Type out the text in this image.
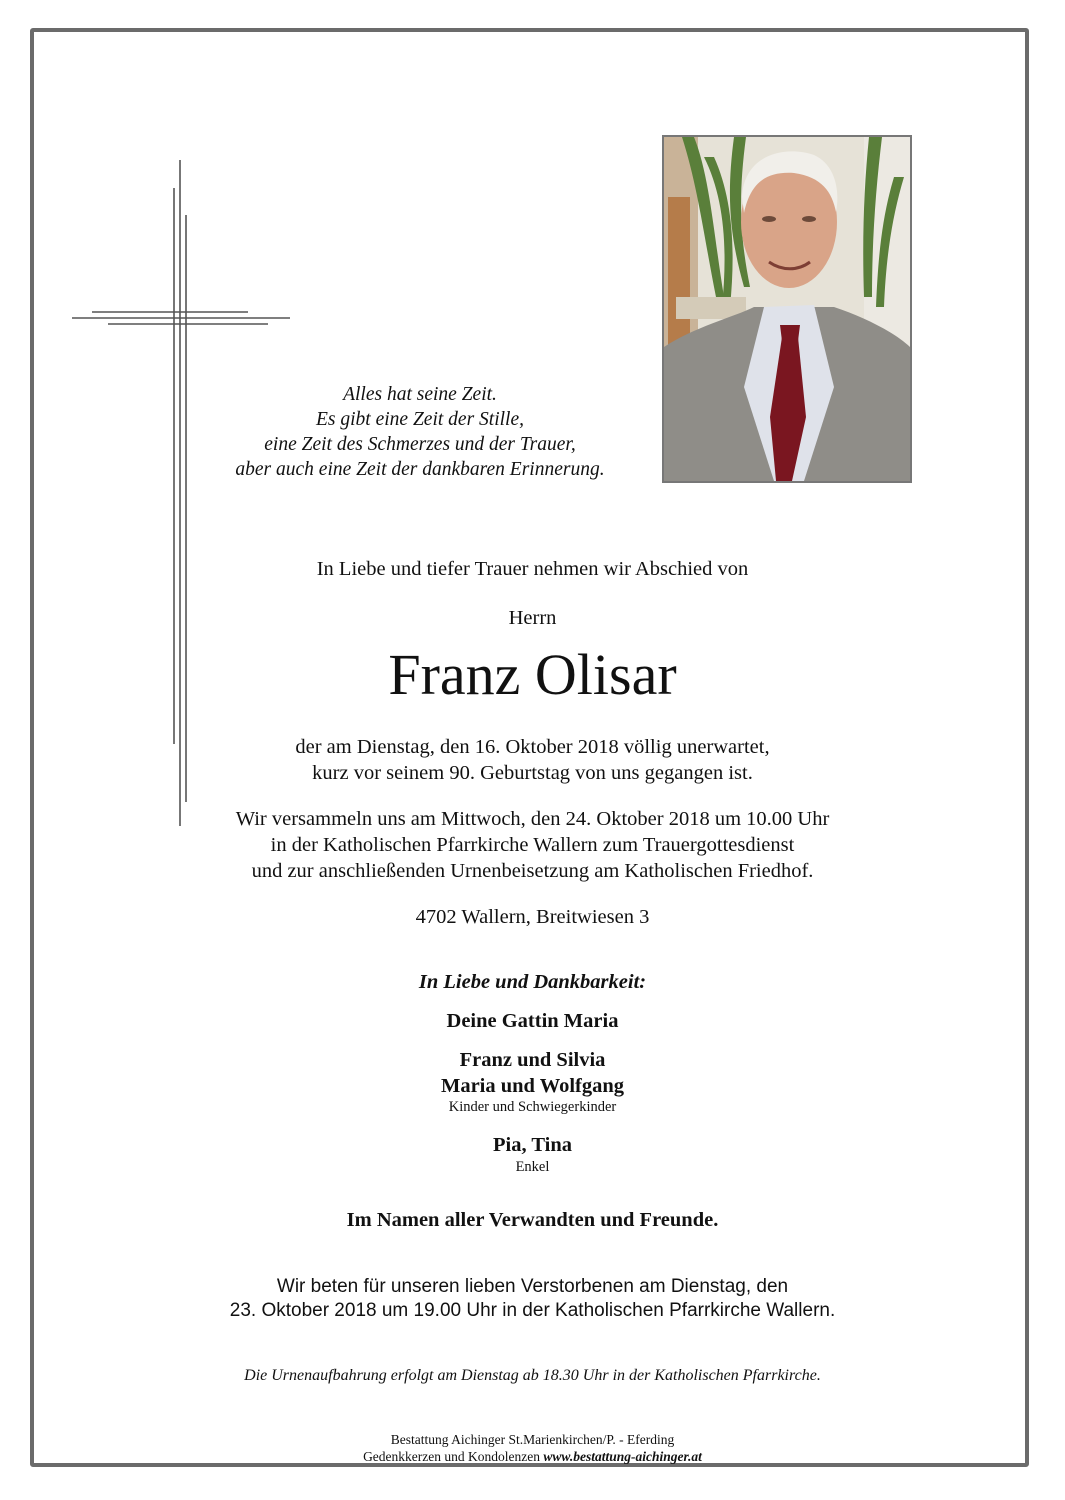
Alles hat seine Zeit.
Es gibt eine Zeit der Stille,
eine Zeit des Schmerzes und der Trauer,
aber auch eine Zeit der dankbaren Erinnerung.
In Liebe und tiefer Trauer nehmen wir Abschied von
Herrn
Franz Olisar
der am Dienstag, den 16. Oktober 2018 völlig unerwartet,
kurz vor seinem 90. Geburtstag von uns gegangen ist.
Wir versammeln uns am Mittwoch, den 24. Oktober 2018 um 10.00 Uhr
in der Katholischen Pfarrkirche Wallern zum Trauergottesdienst
und zur anschließenden Urnenbeisetzung am Katholischen Friedhof.
4702 Wallern, Breitwiesen 3
In Liebe und Dankbarkeit:
Deine Gattin Maria
Franz und Silvia
Maria und Wolfgang
Kinder und Schwiegerkinder
Pia, Tina
Enkel
Im Namen aller Verwandten und Freunde.
Wir beten für unseren lieben Verstorbenen am Dienstag, den
23. Oktober 2018 um 19.00 Uhr in der Katholischen Pfarrkirche Wallern.
Die Urnenaufbahrung erfolgt am Dienstag ab 18.30 Uhr in der Katholischen Pfarrkirche.
Bestattung Aichinger St.Marienkirchen/P. - Eferding
Gedenkkerzen und Kondolenzen www.bestattung-aichinger.at
